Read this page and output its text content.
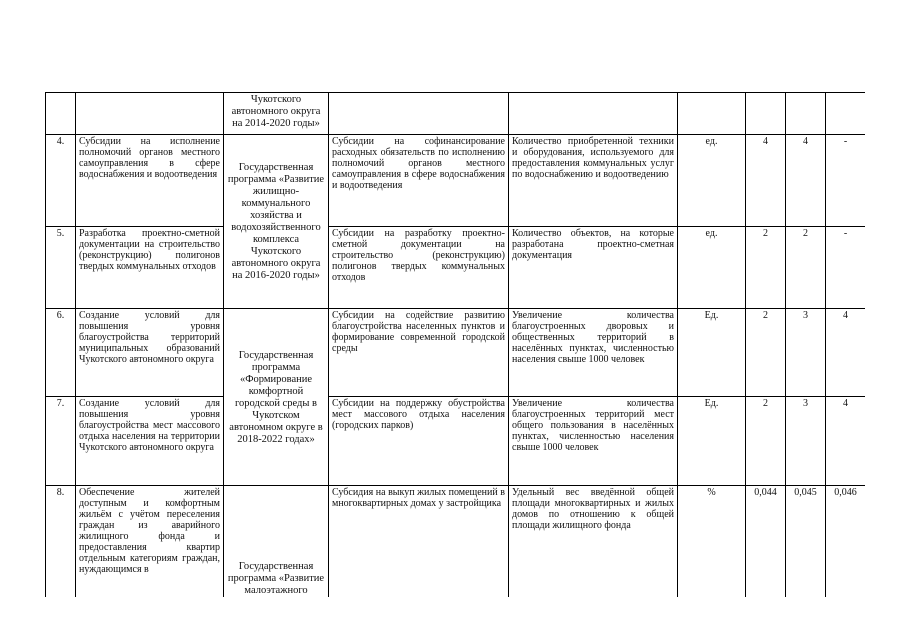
		Чукотского автономного округа на 2014-2020 годы»						
4.	Субсидии на исполнение полномочий органов местного самоуправления в сфере водоснабжения и водоотведения	Государственная программа «Развитие жилищно-коммунального хозяйства и водохозяйственного комплекса Чукотского автономного округа на 2016-2020 годы»	Субсидии на софинансирование расходных обязательств по исполнению полномочий органов местного самоуправления в сфере водоснабжения и водоотведения	Количество приобретенной техники и оборудования, используемого для предоставления коммунальных услуг по водоснабжению и водоотведению	ед.	4	4	-
5.	Разработка проектно-сметной документации на строительство (реконструкцию) полигонов твердых коммунальных отходов		Субсидии на разработку проектно-сметной документации на строительство (реконструкцию) полигонов твердых коммунальных отходов	Количество объектов, на которые разработана проектно-сметная документация	ед.	2	2	-
6.	Создание условий для повышения уровня благоустройства территорий муниципальных образований Чукотского автономного округа	Государственная программа «Формирование комфортной городской среды в Чукотском автономном округе в 2018-2022 годах»	Субсидии на содействие развитию благоустройства населенных пунктов и формирование современной городской среды	Увеличение количества благоустроенных дворовых и общественных территорий в населённых пунктах, численностью населения свыше 1000 человек	Ед.	2	3	4
7.	Создание условий для повышения уровня благоустройства мест массового отдыха населения на территории Чукотского автономного округа		Субсидии на поддержку обустройства мест массового отдыха населения (городских парков)	Увеличение количества благоустроенных территорий мест общего пользования в населённых пунктах, численностью населения свыше 1000 человек	Ед.	2	3	4
8.	Обеспечение жителей доступным и комфортным жильём с учётом переселения граждан из аварийного жилищного фонда и предоставления квартир отдельным категориям граждан, нуждающимся в	Государственная программа «Развитие малоэтажного	Субсидия на выкуп жилых помещений в многоквартирных домах у застройщика	Удельный вес введённой общей площади многоквартирных и жилых домов по отношению к общей площади жилищного фонда	%	0,044	0,045	0,046
